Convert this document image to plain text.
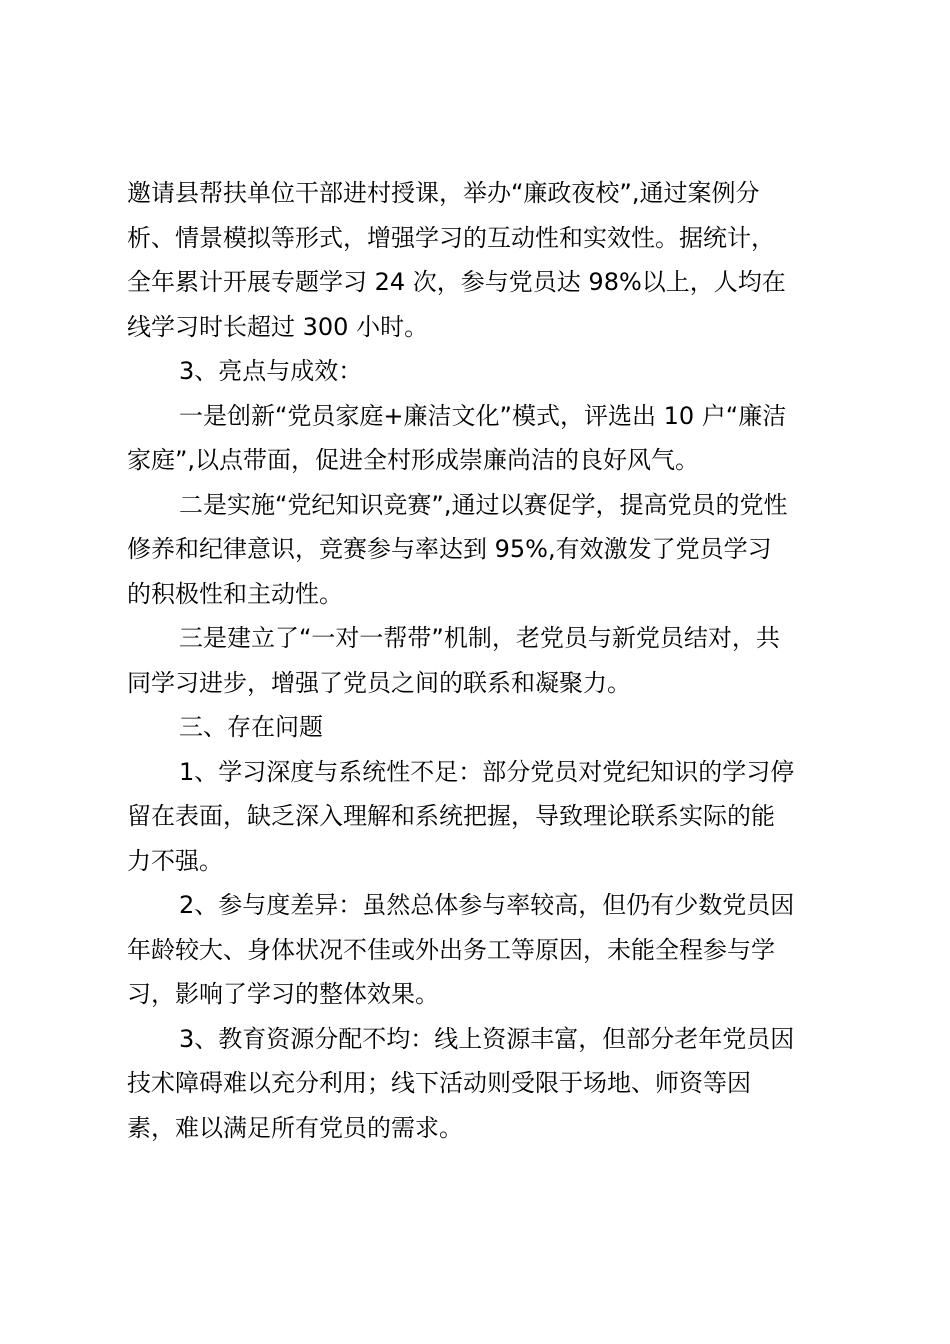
邀请县帮扶单位干部进村授课，举办“廉政夜校”,通过案例分
析、情景模拟等形式，增强学习的互动性和实效性。据统计，
全年累计开展专题学习 24 次，参与党员达 98%以上，人均在
线学习时长超过 300 小时。
3、亮点与成效：
一是创新“党员家庭+廉洁文化”模式，评选出 10 户“廉洁
家庭”,以点带面，促进全村形成崇廉尚洁的良好风气。
二是实施“党纪知识竞赛”,通过以赛促学，提高党员的党性
修养和纪律意识，竞赛参与率达到 95%,有效激发了党员学习
的积极性和主动性。
三是建立了“一对一帮带”机制，老党员与新党员结对，共
同学习进步，增强了党员之间的联系和凝聚力。
三、存在问题
1、学习深度与系统性不足：部分党员对党纪知识的学习停
留在表面，缺乏深入理解和系统把握，导致理论联系实际的能
力不强。
2、参与度差异：虽然总体参与率较高，但仍有少数党员因
年龄较大、身体状况不佳或外出务工等原因，未能全程参与学
习，影响了学习的整体效果。
3、教育资源分配不均：线上资源丰富，但部分老年党员因
技术障碍难以充分利用；线下活动则受限于场地、师资等因
素，难以满足所有党员的需求。
